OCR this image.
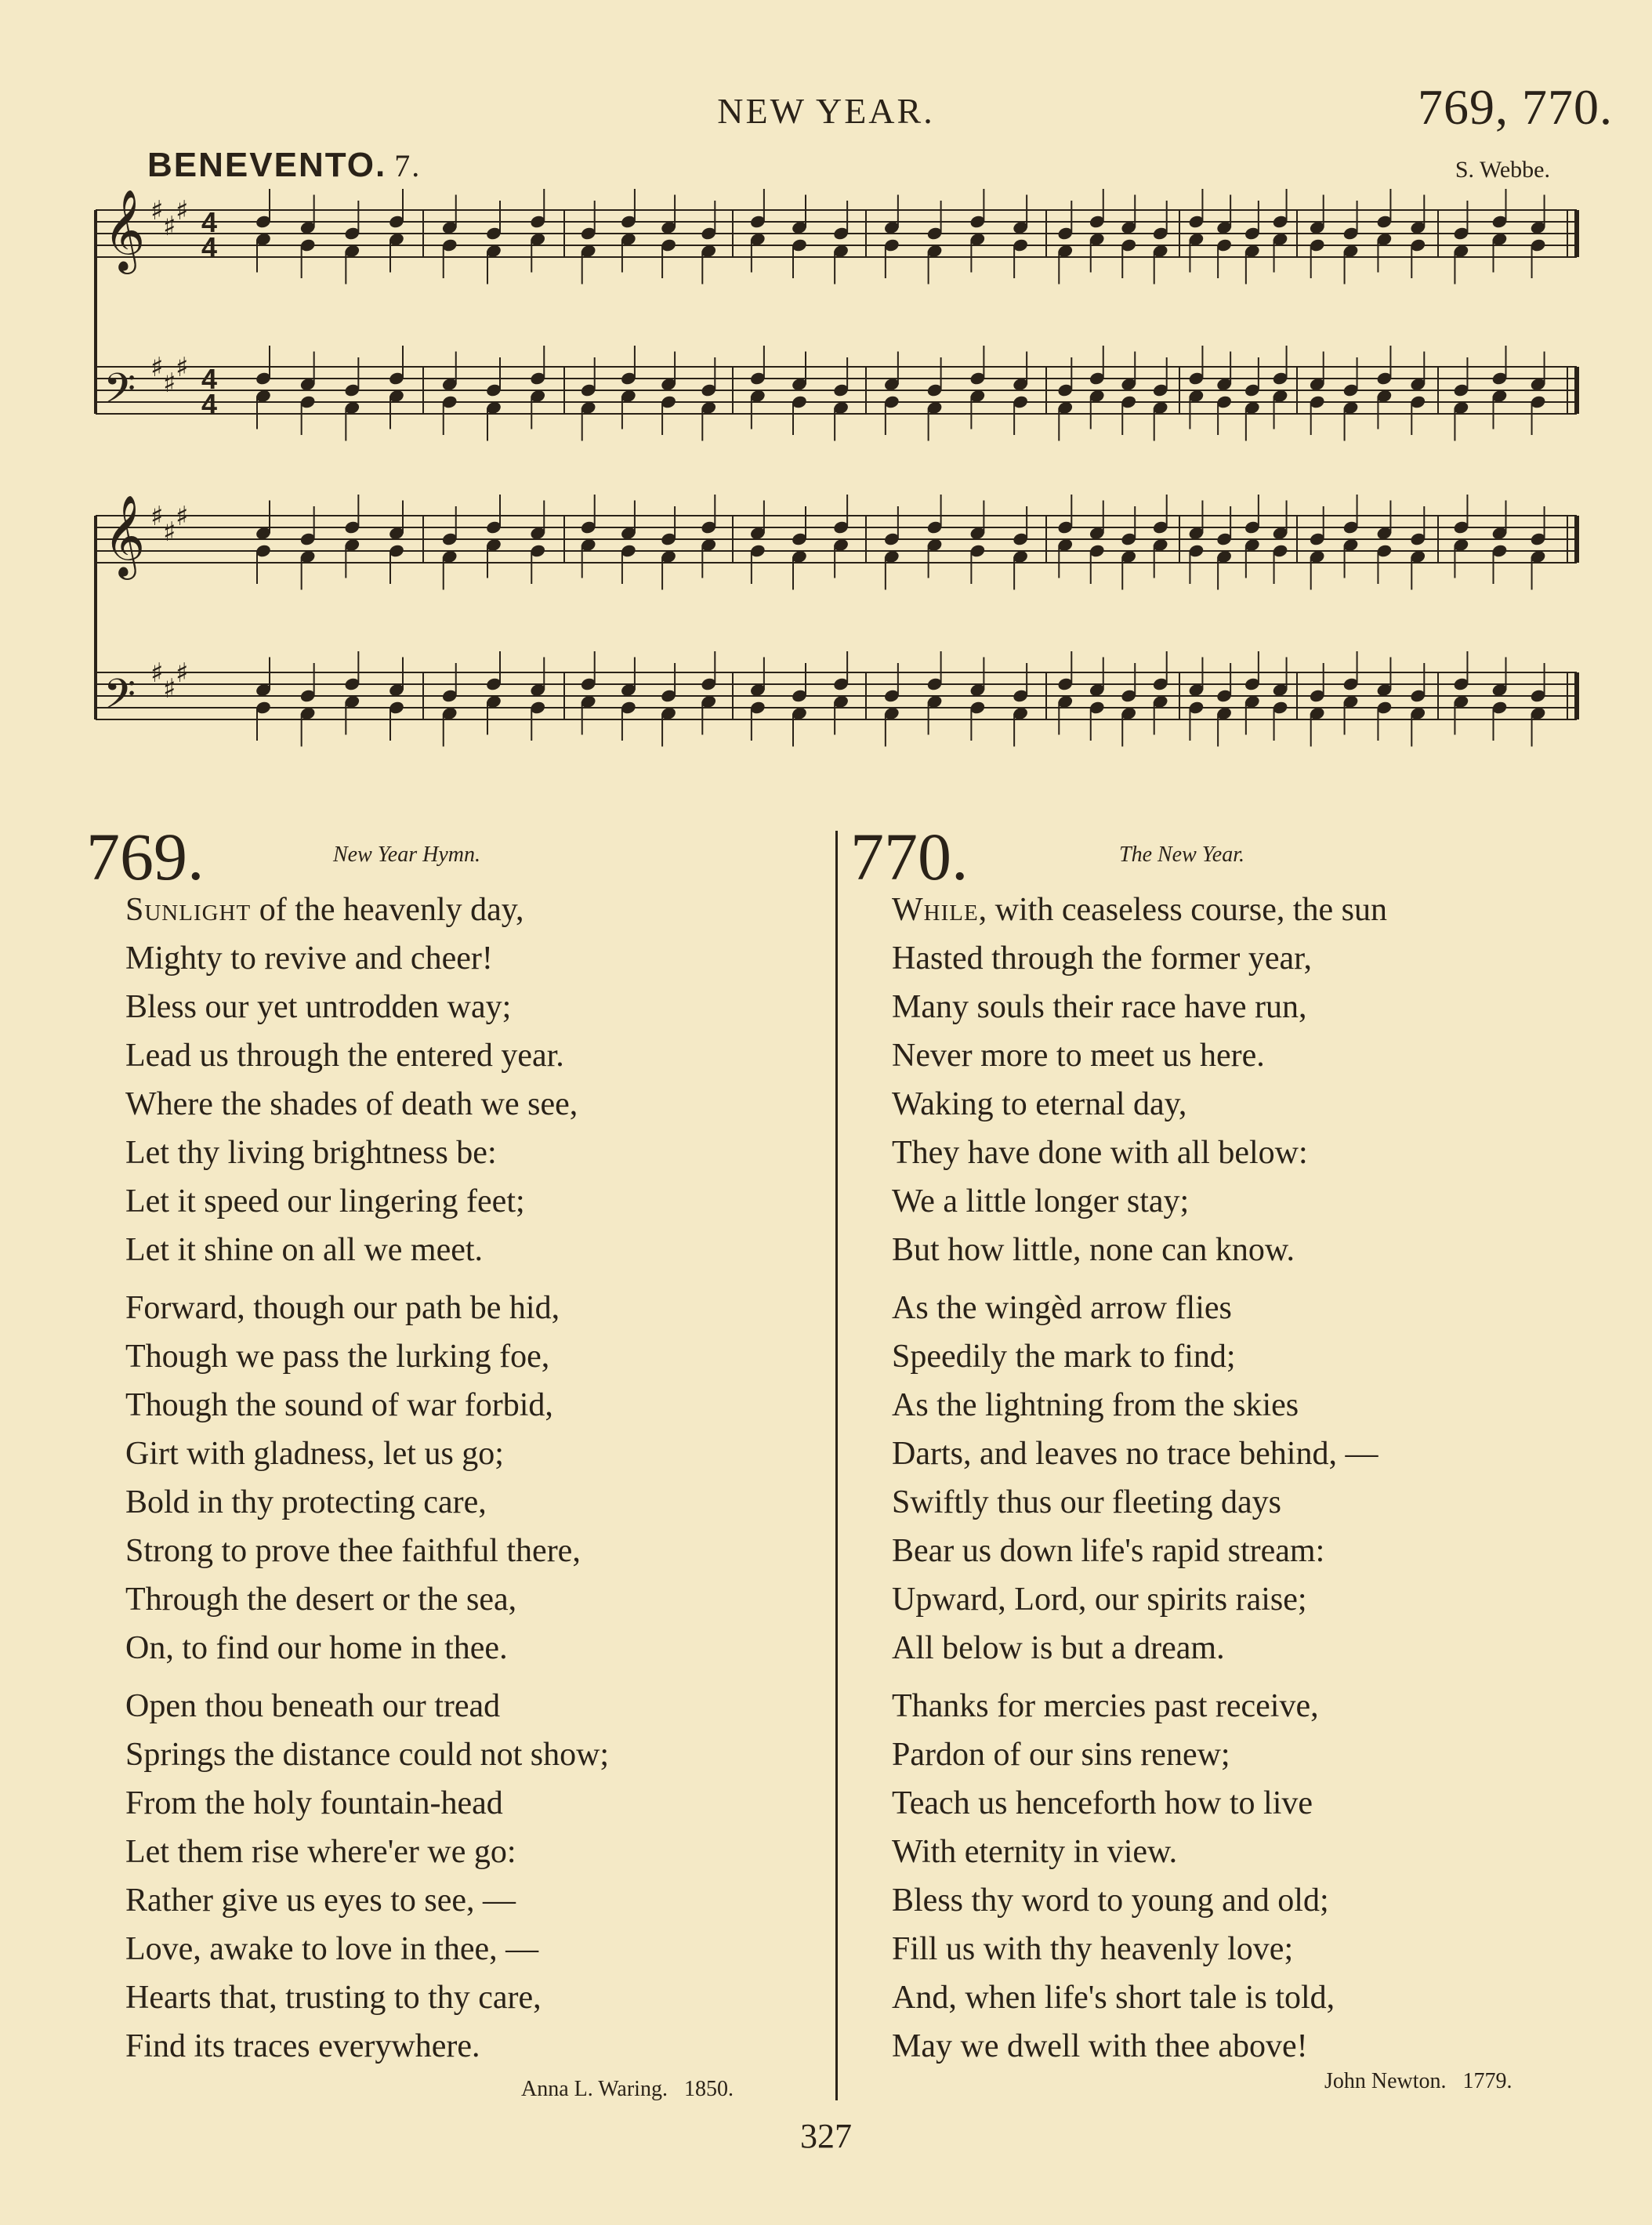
NEW YEAR.	769, 770.
BENEVENTO. 7.	S. Webbe.
𝄞 ♯ ♯ ♯ 4
4
𝄢 ♯ ♯ ♯ 4
4
𝄞 ♯ ♯ ♯
𝄢 ♯ ♯ ♯
769.	New Year Hymn.
Sunlight of the heavenly day,
Mighty to revive and cheer!
Bless our yet untrodden way;
Lead us through the entered year.
Where the shades of death we see,
Let thy living brightness be:
Let it speed our lingering feet;
Let it shine on all we meet.
Forward, though our path be hid,
Though we pass the lurking foe,
Though the sound of war forbid,
Girt with gladness, let us go;
Bold in thy protecting care,
Strong to prove thee faithful there,
Through the desert or the sea,
On, to find our home in thee.
Open thou beneath our tread
Springs the distance could not show;
From the holy fountain-head
Let them rise where'er we go:
Rather give us eyes to see, —
Love, awake to love in thee, —
Hearts that, trusting to thy care,
Find its traces everywhere.
Anna L. Waring. 1850.
770.	The New Year.
While, with ceaseless course, the sun
Hasted through the former year,
Many souls their race have run,
Never more to meet us here.
Waking to eternal day,
They have done with all below:
We a little longer stay;
But how little, none can know.
As the wingèd arrow flies
Speedily the mark to find;
As the lightning from the skies
Darts, and leaves no trace behind, —
Swiftly thus our fleeting days
Bear us down life's rapid stream:
Upward, Lord, our spirits raise;
All below is but a dream.
Thanks for mercies past receive,
Pardon of our sins renew;
Teach us henceforth how to live
With eternity in view.
Bless thy word to young and old;
Fill us with thy heavenly love;
And, when life's short tale is told,
May we dwell with thee above!
John Newton. 1779.
327
